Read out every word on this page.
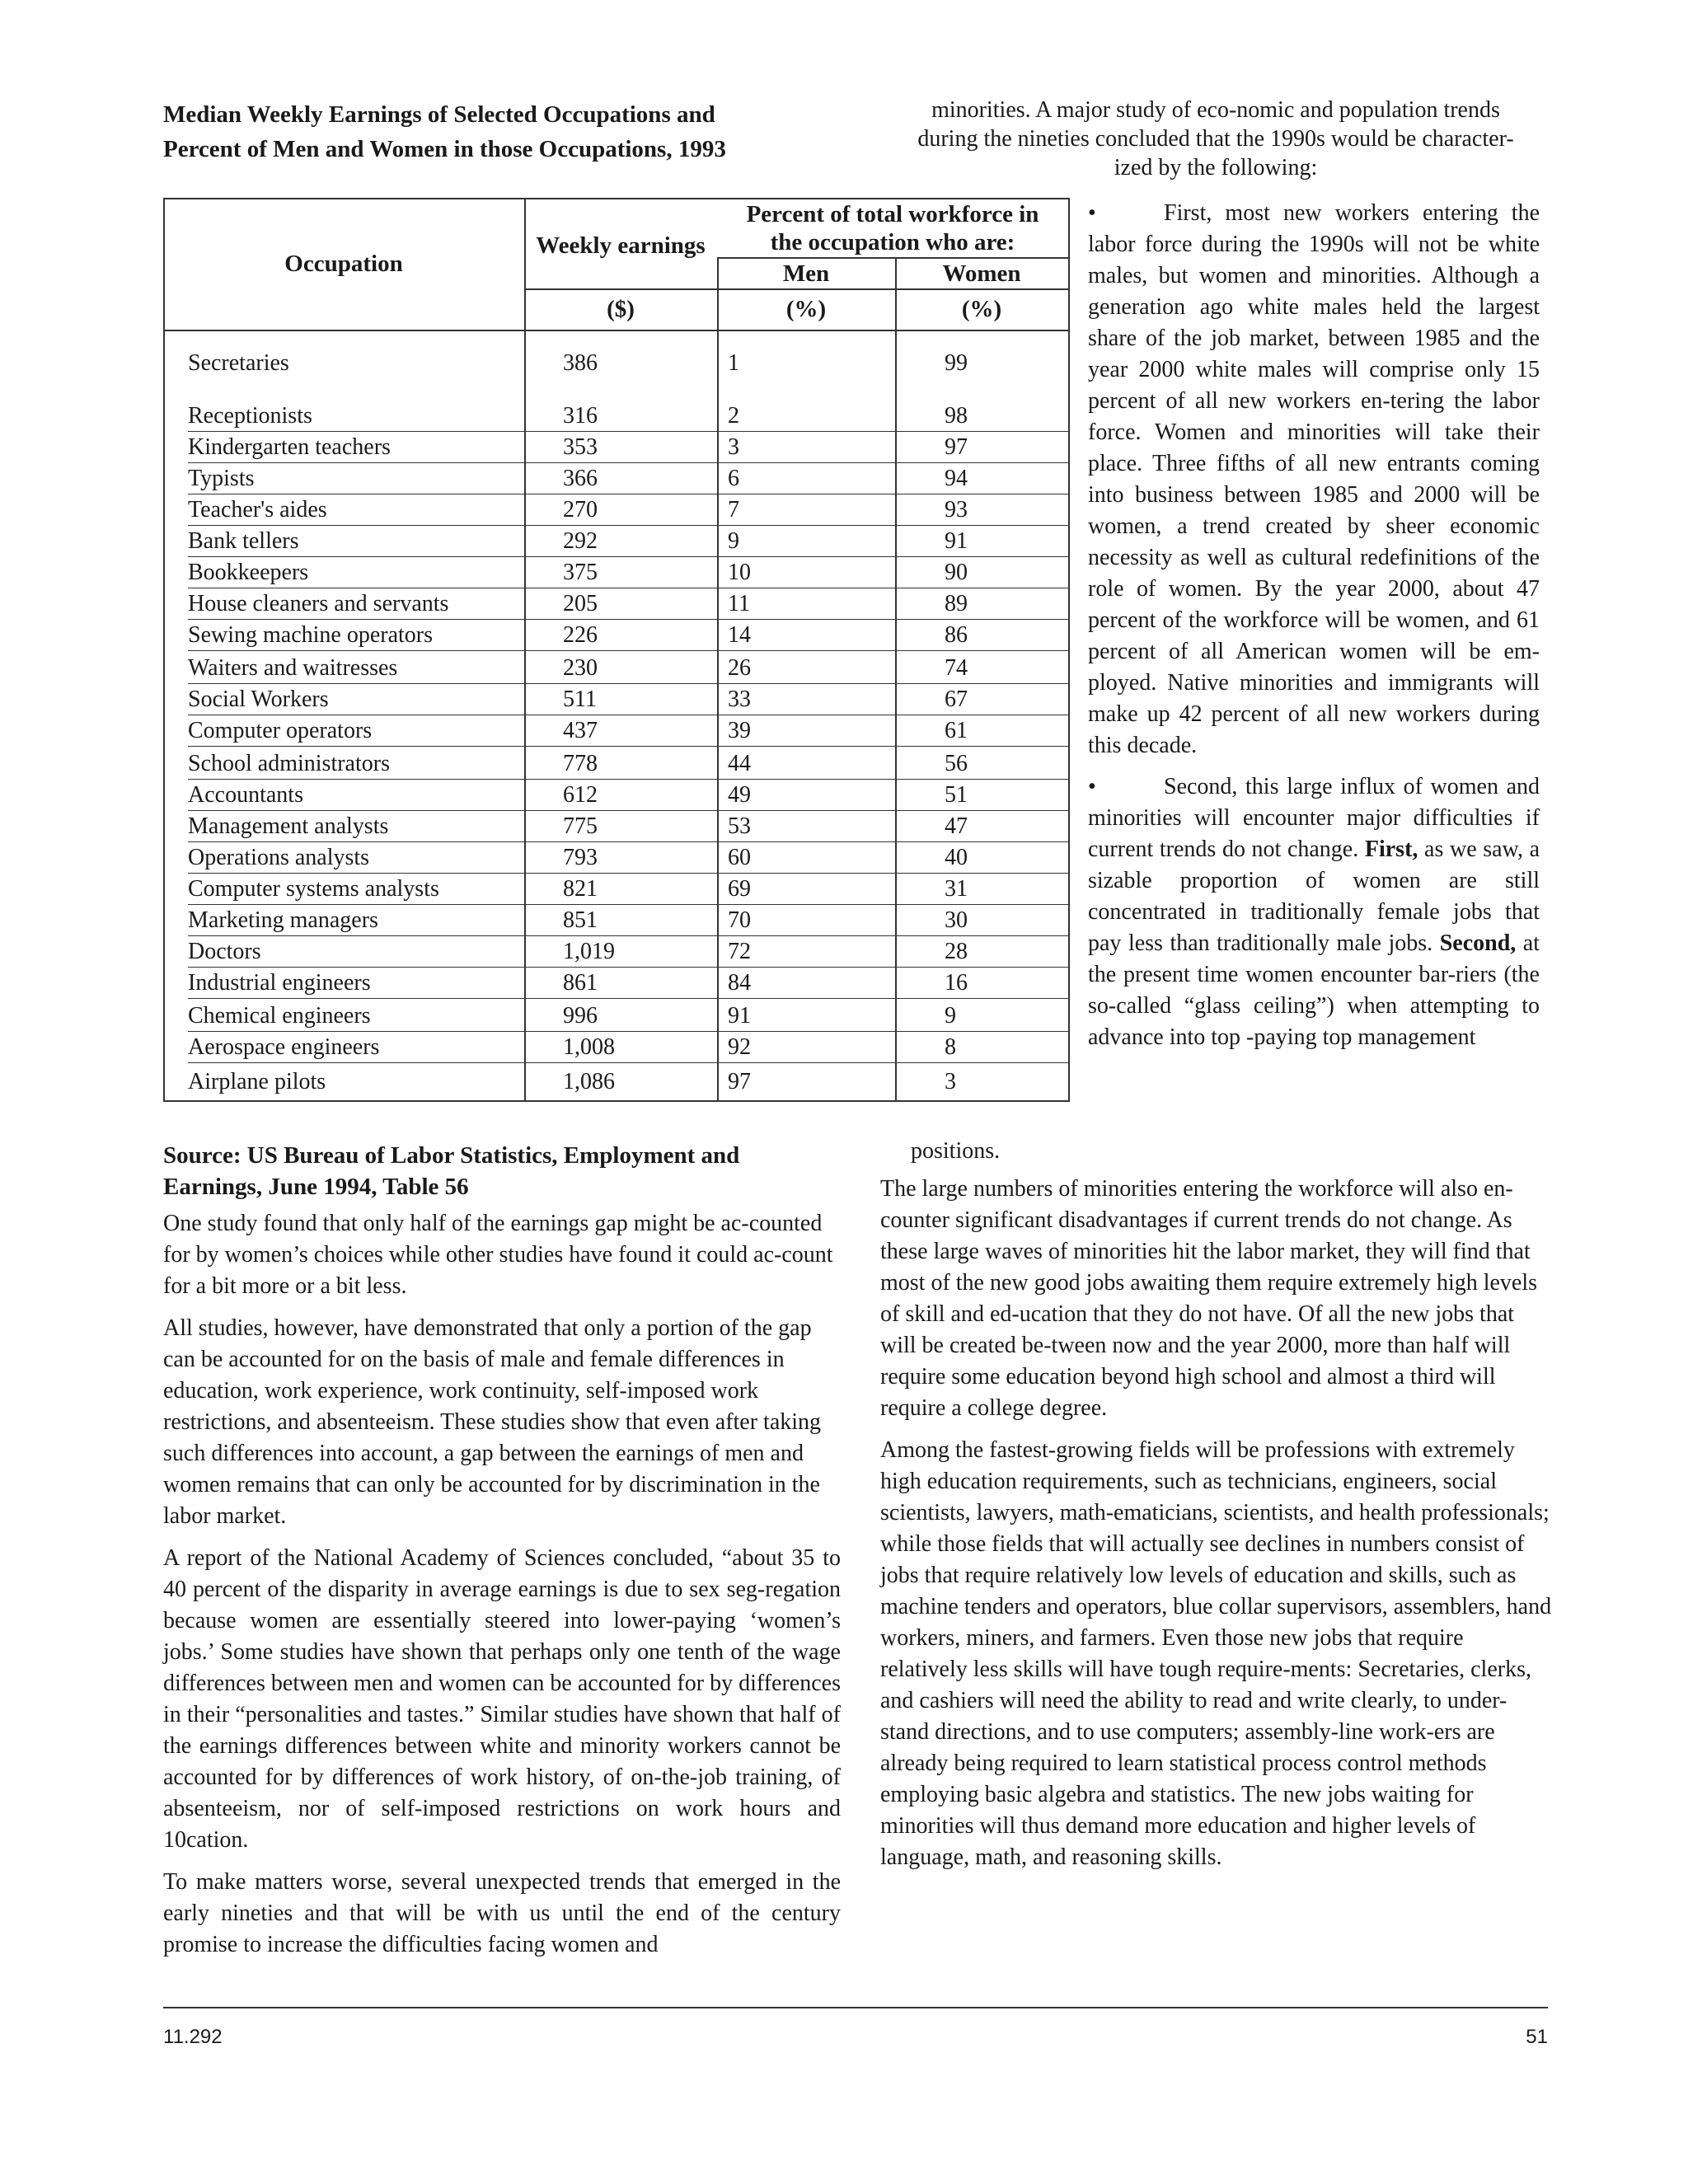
Median Weekly Earnings of Selected Occupations and
Percent of Men and Women in those Occupations, 1993
minorities. A major study of eco-nomic and population trends
during the nineties concluded that the 1990s would be character-
ized by the following:
Occupation
Weekly earnings
Percent of total workforce in
the occupation who are:
Men	Women
($)	(%)	(%)
Secretaries	386	1	99
Receptionists	316	2	98
Kindergarten teachers	353	3	97
Typists	366	6	94
Teacher's aides	270	7	93
Bank tellers	292	9	91
Bookkeepers	375	10	90
House cleaners and servants	205	11	89
Sewing machine operators	226	14	86
Waiters and waitresses	230	26	74
Social Workers	511	33	67
Computer operators	437	39	61
School administrators	778	44	56
Accountants	612	49	51
Management analysts	775	53	47
Operations analysts	793	60	40
Computer systems analysts	821	69	31
Marketing managers	851	70	30
Doctors	1,019	72	28
Industrial engineers	861	84	16
Chemical engineers	996	91	9
Aerospace engineers	1,008	92	8
Airplane pilots	1,086	97	3

•	First, most new workers entering the labor force during the 1990s will not be white males, but women and minorities. Although a generation ago white males held the largest share of the job market, between 1985 and the year 2000 white males will comprise only 15 percent of all new workers en-tering the labor force. Women and minorities will take their place. Three fifths of all new entrants coming into business between 1985 and 2000 will be women, a trend created by sheer economic necessity as well as cultural redefinitions of the role of women. By the year 2000, about 47 percent of the workforce will be women, and 61 percent of all American women will be em-ployed. Native minorities and immigrants will make up 42 percent of all new workers during this decade.

•	Second, this large influx of women and minorities will encounter major difficulties if current trends do not change. First, as we saw, a sizable proportion of women are still concentrated in traditionally female jobs that pay less than traditionally male jobs. Second, at the present time women encounter bar-riers (the so-called “glass ceiling”) when attempting to advance into top -paying top management

Source: US Bureau of Labor Statistics, Employment and
Earnings, June 1994, Table 56

One study found that only half of the earnings gap might be ac-counted for by women’s choices while other studies have found it could ac-count for a bit more or a bit less.

All studies, however, have demonstrated that only a portion of the gap can be accounted for on the basis of male and female differences in education, work experience, work continuity, self-imposed work restrictions, and absenteeism. These studies show that even after taking such differences into account, a gap between the earnings of men and women remains that can only be accounted for by discrimination in the labor market.

A report of the National Academy of Sciences concluded, “about 35 to 40 percent of the disparity in average earnings is due to sex seg-regation because women are essentially steered into lower-paying ‘women’s jobs.’ Some studies have shown that perhaps only one tenth of the wage differences between men and women can be accounted for by differences in their “personalities and tastes.” Similar studies have shown that half of the earnings differences between white and minority workers cannot be accounted for by differences of work history, of on-the-job training, of absenteeism, nor of self-imposed restrictions on work hours and 10cation.

To make matters worse, several unexpected trends that emerged in the early nineties and that will be with us until the end of the century promise to increase the difficulties facing women and

positions.

The large numbers of minorities entering the workforce will also en-counter significant disadvantages if current trends do not change. As these large waves of minorities hit the labor market, they will find that most of the new good jobs awaiting them require extremely high levels of skill and ed-ucation that they do not have. Of all the new jobs that will be created be-tween now and the year 2000, more than half will require some education beyond high school and almost a third will require a college degree.

Among the fastest-growing fields will be professions with extremely high education requirements, such as technicians, engineers, social scientists, lawyers, math-ematicians, scientists, and health professionals; while those fields that will actually see declines in numbers consist of jobs that require relatively low levels of education and skills, such as machine tenders and operators, blue collar supervisors, assemblers, hand workers, miners, and farmers. Even those new jobs that require relatively less skills will have tough require-ments: Secretaries, clerks, and cashiers will need the ability to read and write clearly, to under-stand directions, and to use computers; assembly-line work-ers are already being required to learn statistical process control methods employing basic algebra and statistics. The new jobs waiting for minorities will thus demand more education and higher levels of language, math, and reasoning skills.

11.292	51
